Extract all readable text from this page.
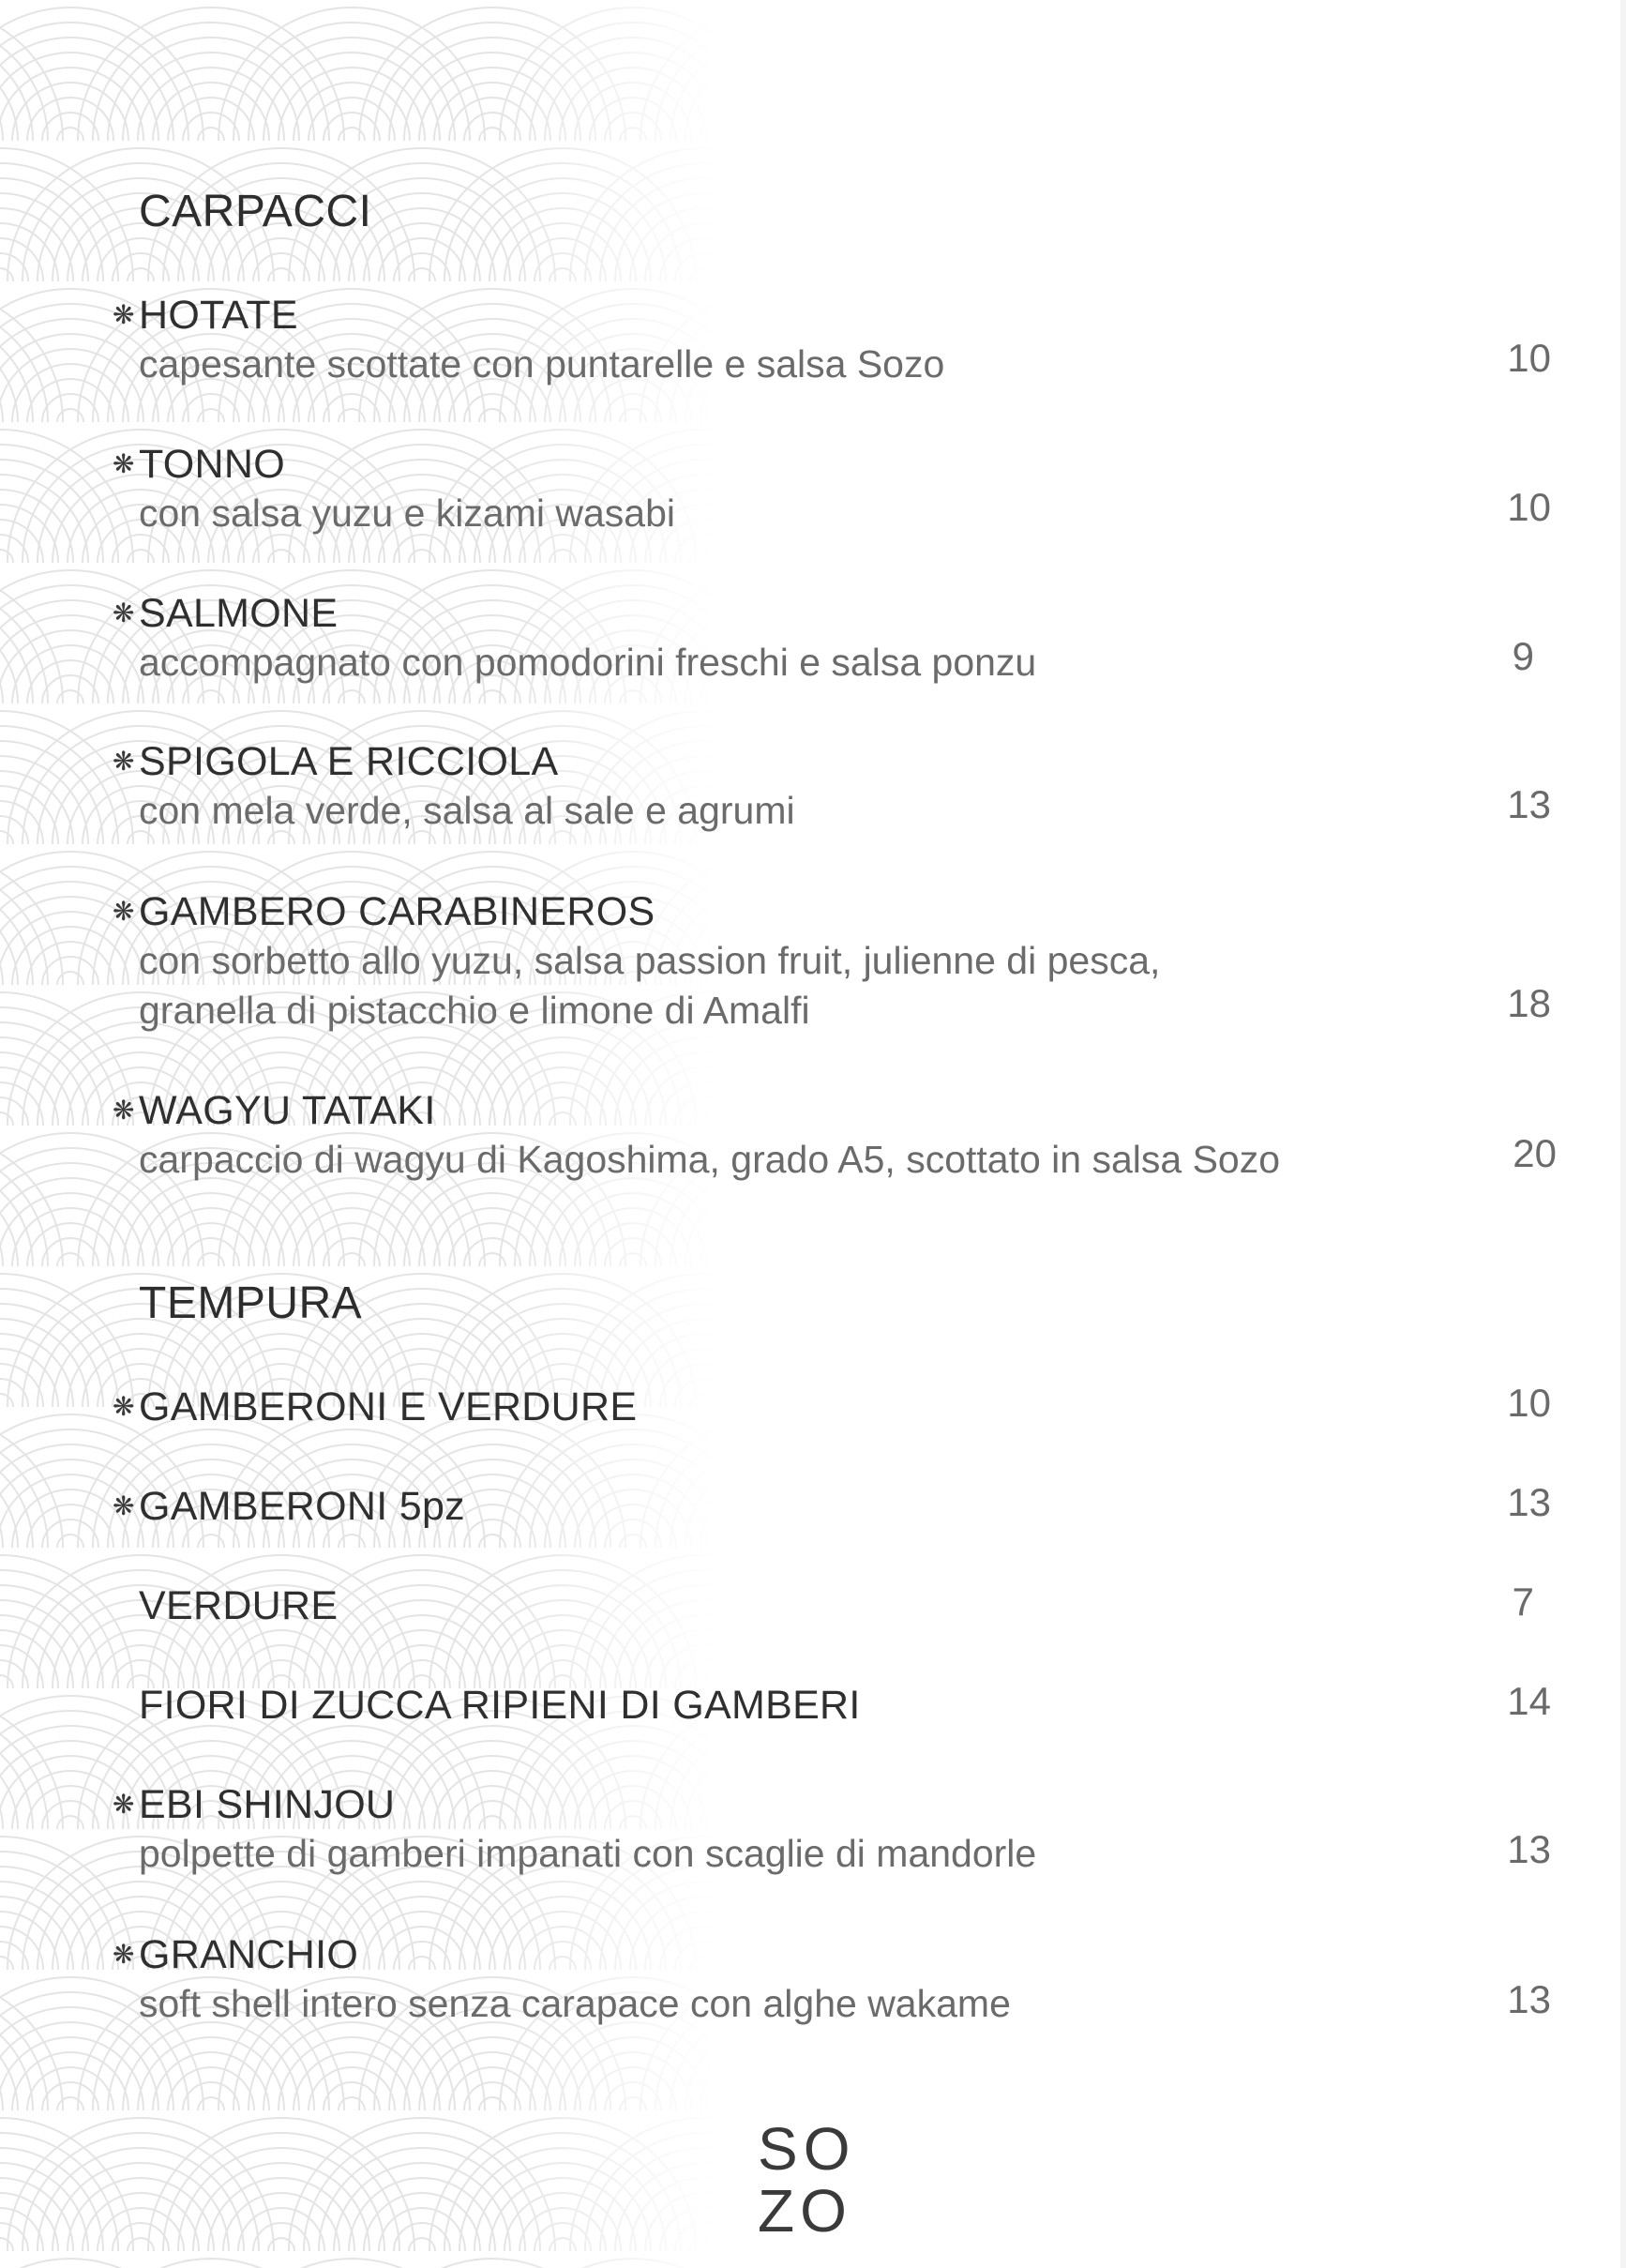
CARPACCI
❋ HOTATE
capesante scottate con puntarelle e salsa Sozo	10
❋ TONNO
con salsa yuzu e kizami wasabi	10
❋ SALMONE
accompagnato con pomodorini freschi e salsa ponzu	9
❋ SPIGOLA E RICCIOLA
con mela verde, salsa al sale e agrumi	13
❋ GAMBERO CARABINEROS
con sorbetto allo yuzu, salsa passion fruit, julienne di pesca,
granella di pistacchio e limone di Amalfi	18
❋ WAGYU TATAKI
carpaccio di wagyu di Kagoshima, grado A5, scottato in salsa Sozo	20
TEMPURA
❋ GAMBERONI E VERDURE	10
❋ GAMBERONI 5pz	13
VERDURE	7
FIORI DI ZUCCA RIPIENI DI GAMBERI	14
❋ EBI SHINJOU
polpette di gamberi impanati con scaglie di mandorle	13
❋ GRANCHIO
soft shell intero senza carapace con alghe wakame	13
SO
ZO
